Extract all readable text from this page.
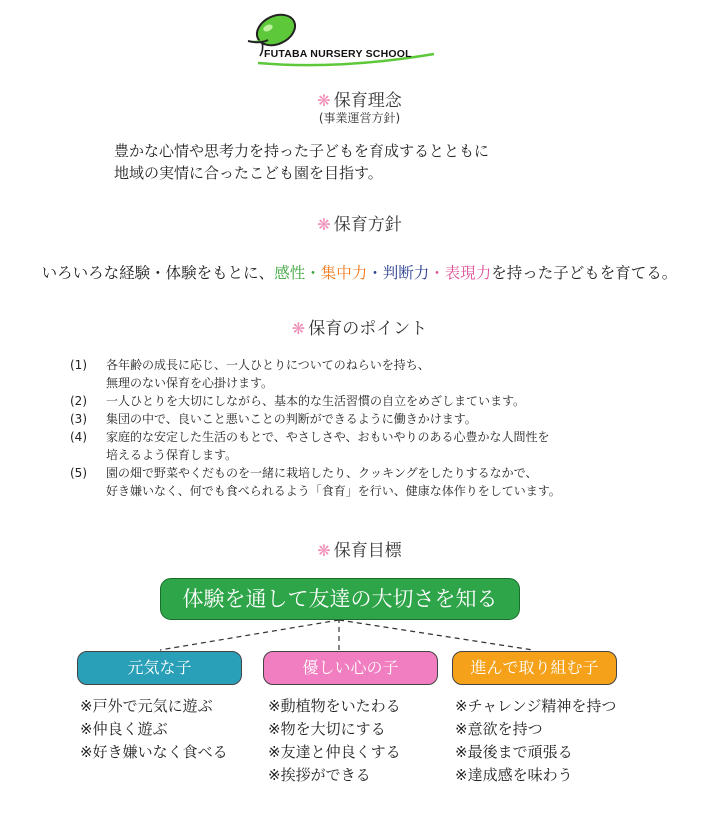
FUTABA NURSERY SCHOOL
❋ 保育理念
(事業運営方針)
豊かな心情や思考力を持った子どもを育成するとともに
地域の実情に合ったこども園を目指す。
❋ 保育方針
いろいろな経験・体験をもとに、感性・集中力・判断力・表現力を持った子どもを育てる。
❋ 保育のポイント
(1)	各年齢の成長に応じ、一人ひとりについてのねらいを持ち、
無理のない保育を心掛けます。
(2)	一人ひとりを大切にしながら、基本的な生活習慣の自立をめざしまています。
(3)	集団の中で、良いこと悪いことの判断ができるように働きかけます。
(4)	家庭的な安定した生活のもとで、やさしさや、おもいやりのある心豊かな人間性を
培えるよう保育します。
(5)	園の畑で野菜やくだものを一緒に栽培したり、クッキングをしたりするなかで、
好き嫌いなく、何でも食べられるよう「食育」を行い、健康な体作りをしています。
❋ 保育目標
体験を通して友達の大切さを知る
元気な子	優しい心の子	進んで取り組む子
※戸外で元気に遊ぶ
※仲良く遊ぶ
※好き嫌いなく食べる
※動植物をいたわる
※物を大切にする
※友達と仲良くする
※挨拶ができる
※チャレンジ精神を持つ
※意欲を持つ
※最後まで頑張る
※達成感を味わう
